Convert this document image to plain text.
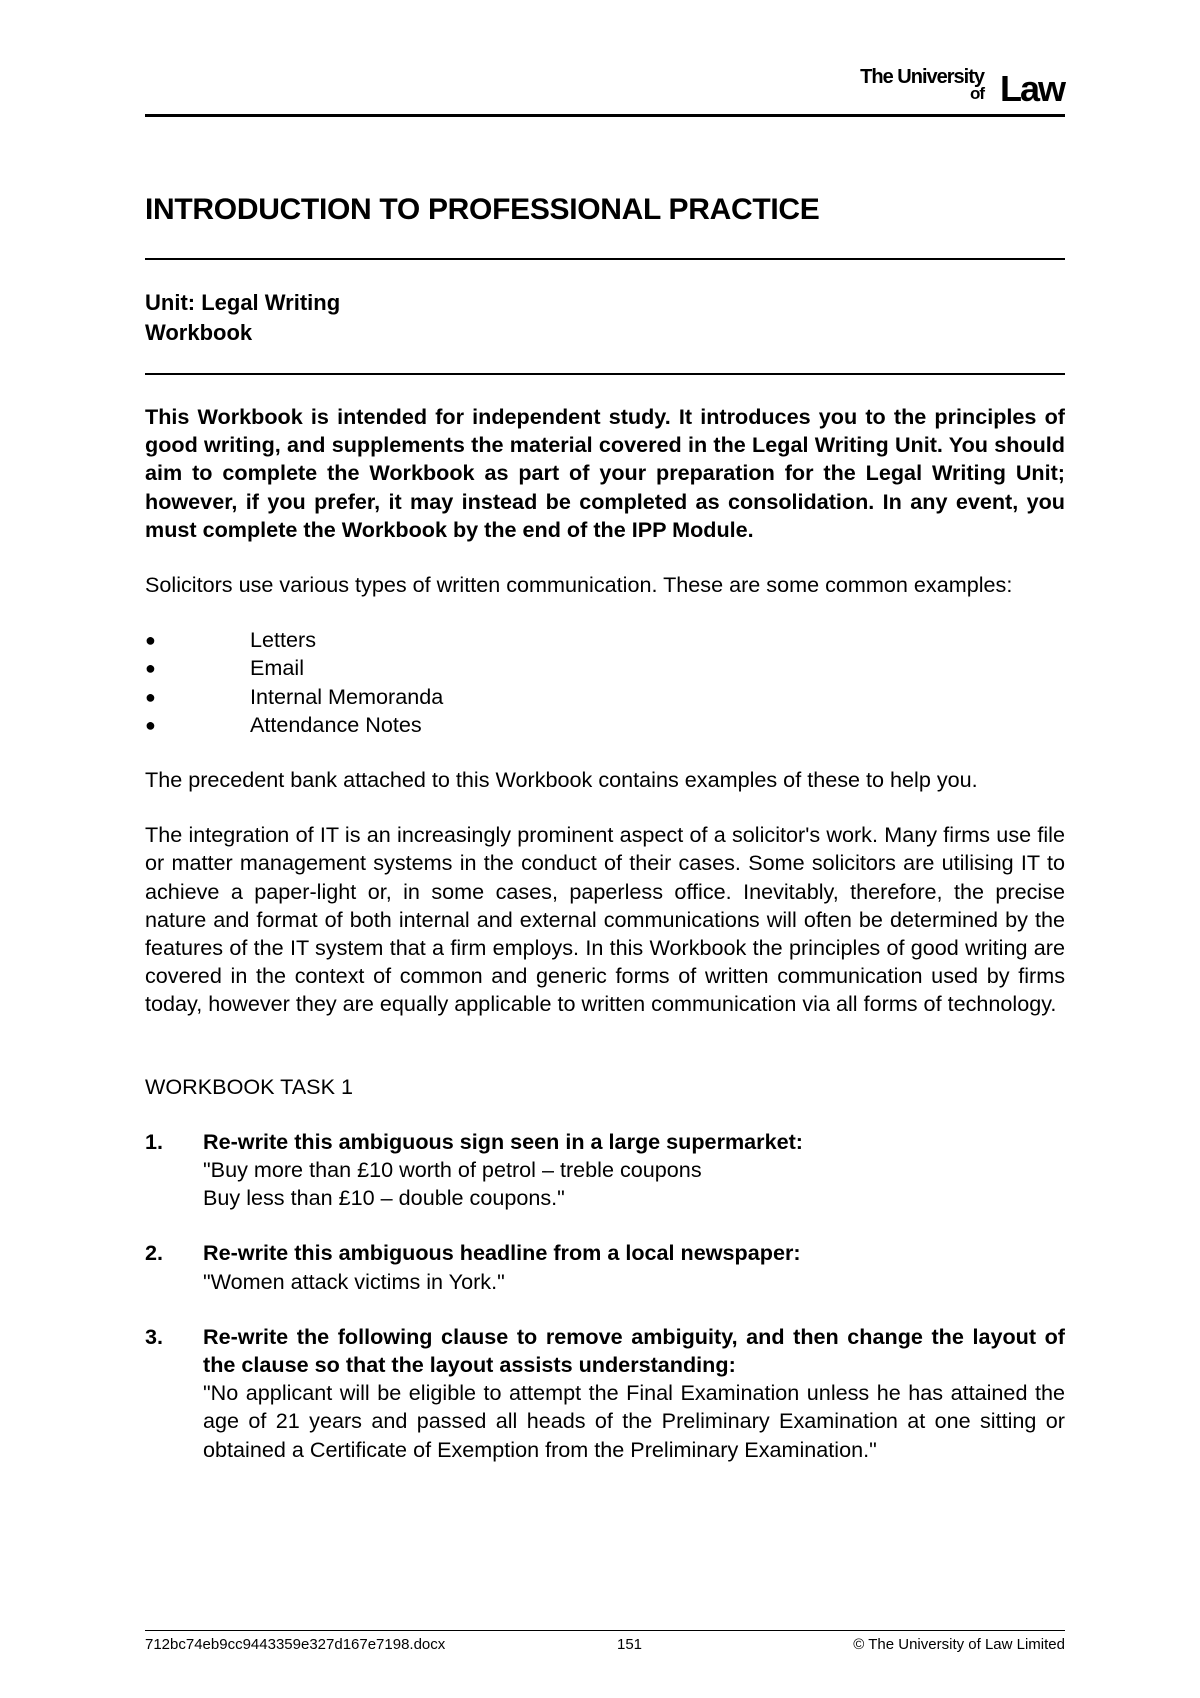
The University
of Law
INTRODUCTION TO PROFESSIONAL PRACTICE
Unit: Legal Writing
Workbook

This Workbook is intended for independent study. It introduces you to the principles of good writing, and supplements the material covered in the Legal Writing Unit. You should aim to complete the Workbook as part of your preparation for the Legal Writing Unit; however, if you prefer, it may instead be completed as consolidation. In any event, you must complete the Workbook by the end of the IPP Module.

Solicitors use various types of written communication. These are some common examples:

●	Letters
●	Email
●	Internal Memoranda
●	Attendance Notes

The precedent bank attached to this Workbook contains examples of these to help you.

The integration of IT is an increasingly prominent aspect of a solicitor's work. Many firms use file or matter management systems in the conduct of their cases. Some solicitors are utilising IT to achieve a paper-light or, in some cases, paperless office. Inevitably, therefore, the precise nature and format of both internal and external communications will often be determined by the features of the IT system that a firm employs. In this Workbook the principles of good writing are covered in the context of common and generic forms of written communication used by firms today, however they are equally applicable to written communication via all forms of technology.

WORKBOOK TASK 1

1. Re-write this ambiguous sign seen in a large supermarket:
"Buy more than £10 worth of petrol – treble coupons
Buy less than £10 – double coupons."
2. Re-write this ambiguous headline from a local newspaper:
"Women attack victims in York."
3. Re-write the following clause to remove ambiguity, and then change the layout of the clause so that the layout assists understanding:

"No applicant will be eligible to attempt the Final Examination unless he has attained the age of 21 years and passed all heads of the Preliminary Examination at one sitting or obtained a Certificate of Exemption from the Preliminary Examination."

712bc74eb9cc9443359e327d167e7198.docx	151	© The University of Law Limited
